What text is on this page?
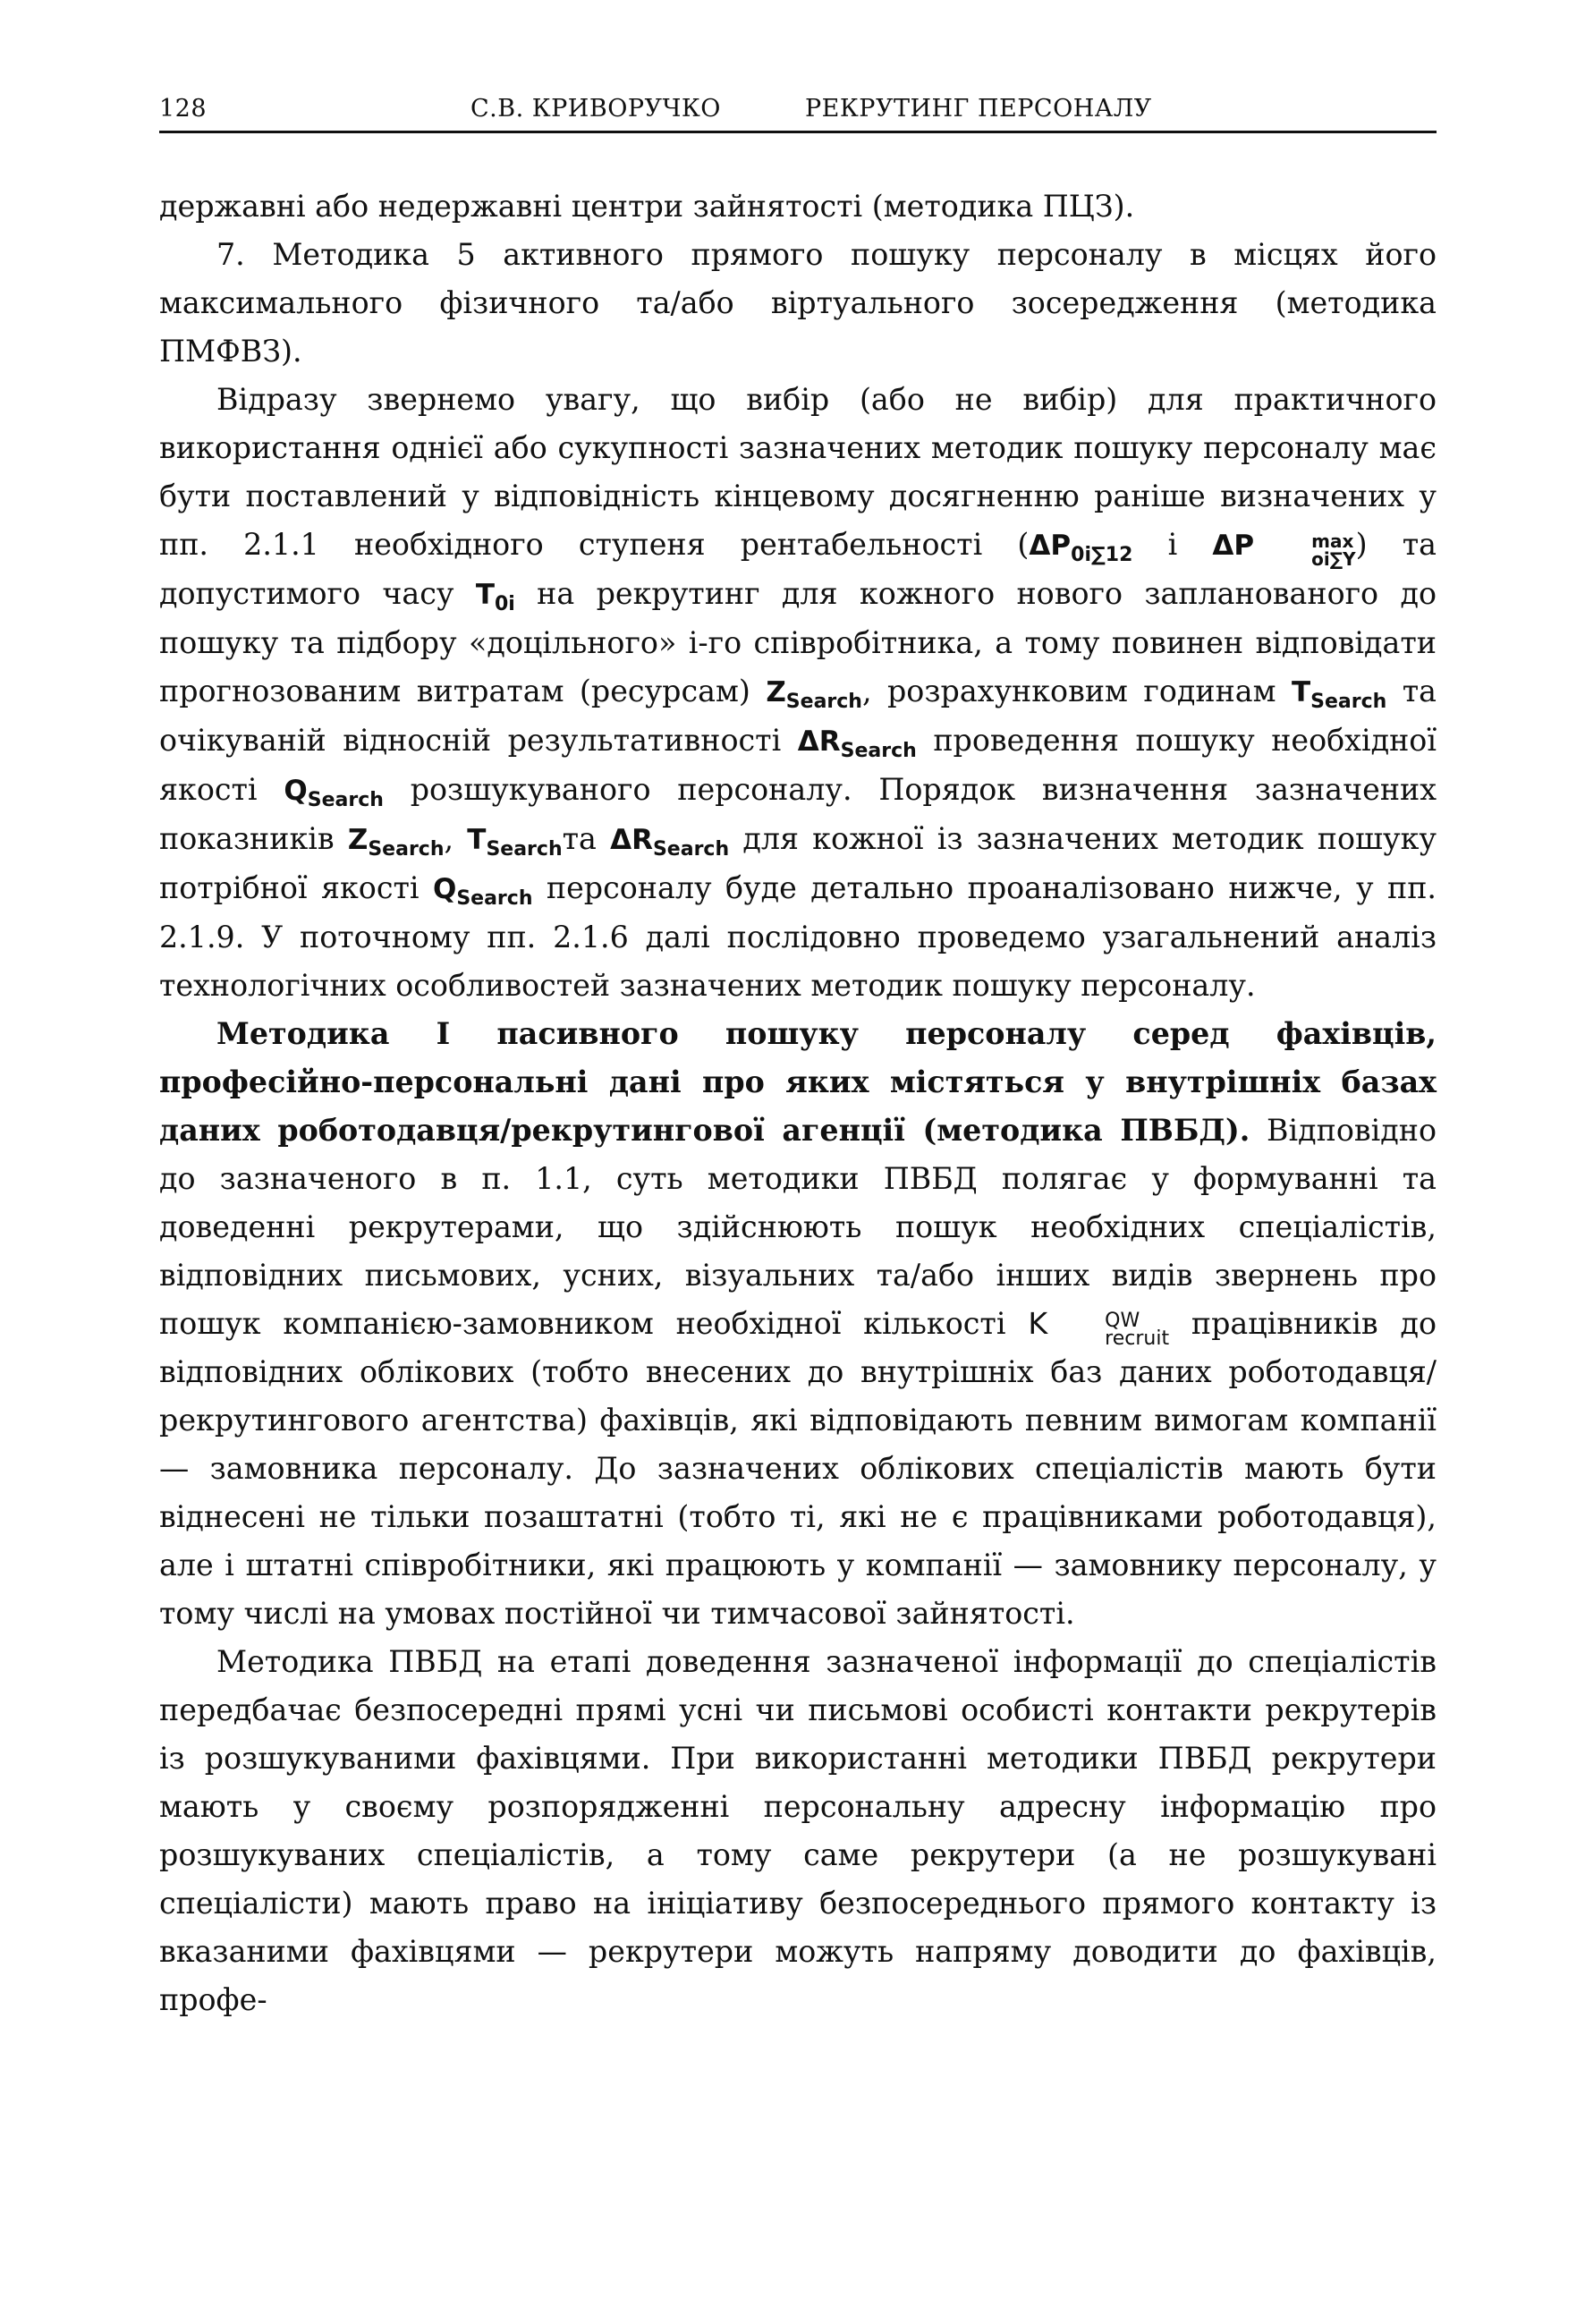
128	С.В. КРИВОРУЧКО	РЕКРУТИНГ ПЕРСОНАЛУ

державні або недержавні центри зайнятості (методика ПЦЗ).

7. Методика 5 активного прямого пошуку персоналу в місцях його максимального фізичного та/або віртуального зосередження (методика ПМФВЗ).

Відразу звернемо увагу, що вибір (або не вибір) для практичного використання однієї або сукупності зазначених методик пошуку персоналу має бути поставлений у відповідність кінцевому досягненню раніше визначених у пп. 2.1.1 необхідного ступеня рентабельності ($\Delta P_{0i\sum 12}$ і ΔP	max
oi∑Y ) та допустимого часу $T_{0i}$ на рекрутинг для кожного нового запланованого до пошуку та підбору «доцільного» і-го співробітника, а тому повинен відповідати прогнозованим витратам (ресурсам) $Z_{Search}$, розрахунковим годинам $T_{Search}$ та очікуваній відносній результативності $\Delta R_{Search}$ проведення пошуку необхідної якості $Q_{Search}$ розшукуваного персоналу. Порядок визначення зазначених показників $Z_{Search}$, $T_{Search}та$ $\Delta R_{Search}$ для кожної із зазначених методик пошуку потрібної якості $Q_{Search}$ персоналу буде детально проаналізовано нижче, у пп. 2.1.9. У поточному пп. 2.1.6 далі послідовно проведемо узагальнений аналіз технологічних особливостей зазначених методик пошуку персоналу.

Методика I пасивного пошуку персоналу серед фахівців, професійно-персональні дані про яких містяться у внутрішніх базах даних роботодавця/рекрутингової агенції (методика ПВБД). Відповідно до зазначеного в п. 1.1, суть методики ПВБД полягає у формуванні та доведенні рекрутерами, що здійснюють пошук необхідних спеціалістів, відповідних письмових, усних, візуальних та/або інших видів звернень про пошук компанією-замовником необхідної кількості K	QW
recruit працівників до відповідних облікових (тобто внесених до внутрішніх баз даних роботодавця/рекрутингового агентства) фахівців, які відповідають певним вимогам компанії — замовника персоналу. До зазначених облікових спеціалістів мають бути віднесені не тільки позаштатні (тобто ті, які не є працівниками роботодавця), але і штатні співробітники, які працюють у компанії — замовнику персоналу, у тому числі на умовах постійної чи тимчасової зайнятості.

Методика ПВБД на етапі доведення зазначеної інформації до спеціалістів передбачає безпосередні прямі усні чи письмові особисті контакти рекрутерів із розшукуваними фахівцями. При використанні методики ПВБД рекрутери мають у своєму розпорядженні персональну адресну інформацію про розшукуваних спеціалістів, а тому саме рекрутери (а не розшукувані спеціалісти) мають право на ініціативу безпосереднього прямого контакту із вказаними фахівцями — рекрутери можуть напряму доводити до фахівців, профе-
